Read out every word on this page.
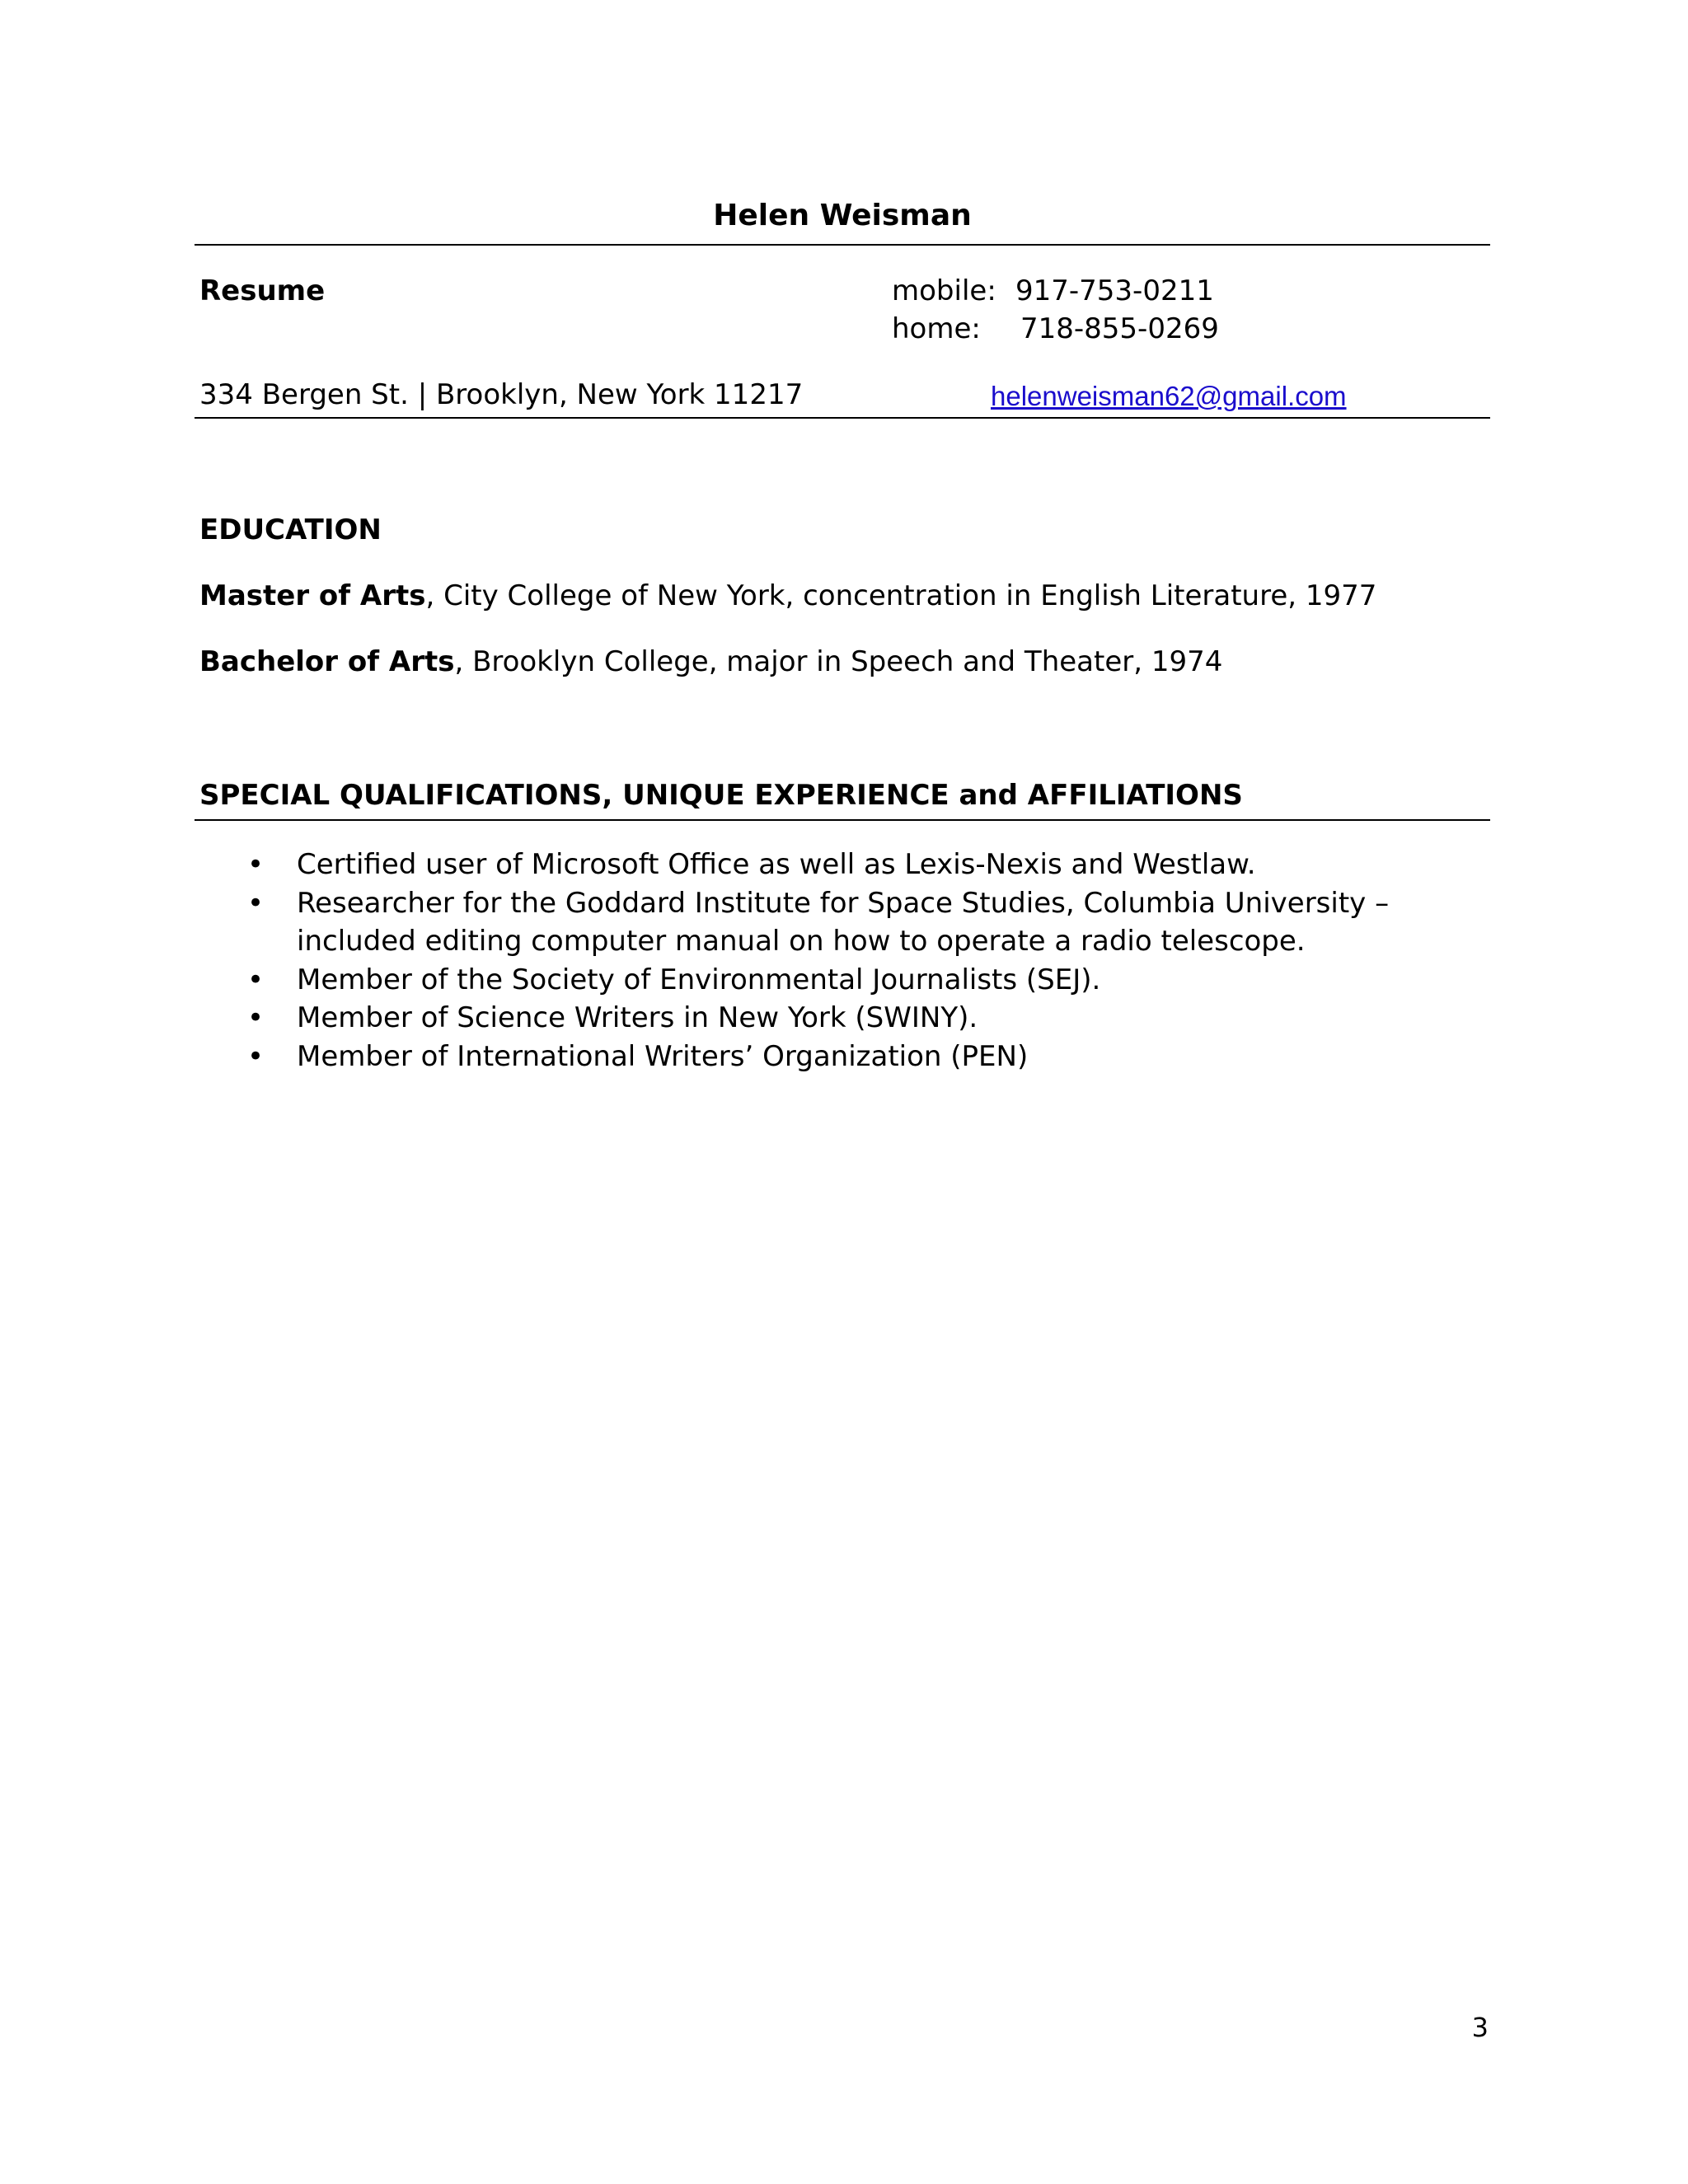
Helen Weisman
Resume	mobile: 917-753-0211
home: 718-855-0269
334 Bergen St. | Brooklyn, New York 11217	helenweisman62@gmail.com
EDUCATION
Master of Arts, City College of New York, concentration in English Literature, 1977
Bachelor of Arts, Brooklyn College, major in Speech and Theater, 1974
SPECIAL QUALIFICATIONS, UNIQUE EXPERIENCE and AFFILIATIONS
• Certified user of Microsoft Office as well as Lexis-Nexis and Westlaw.
• Researcher for the Goddard Institute for Space Studies, Columbia University – included editing computer manual on how to operate a radio telescope.
• Member of the Society of Environmental Journalists (SEJ).
• Member of Science Writers in New York (SWINY).
• Member of International Writers’ Organization (PEN)
3
